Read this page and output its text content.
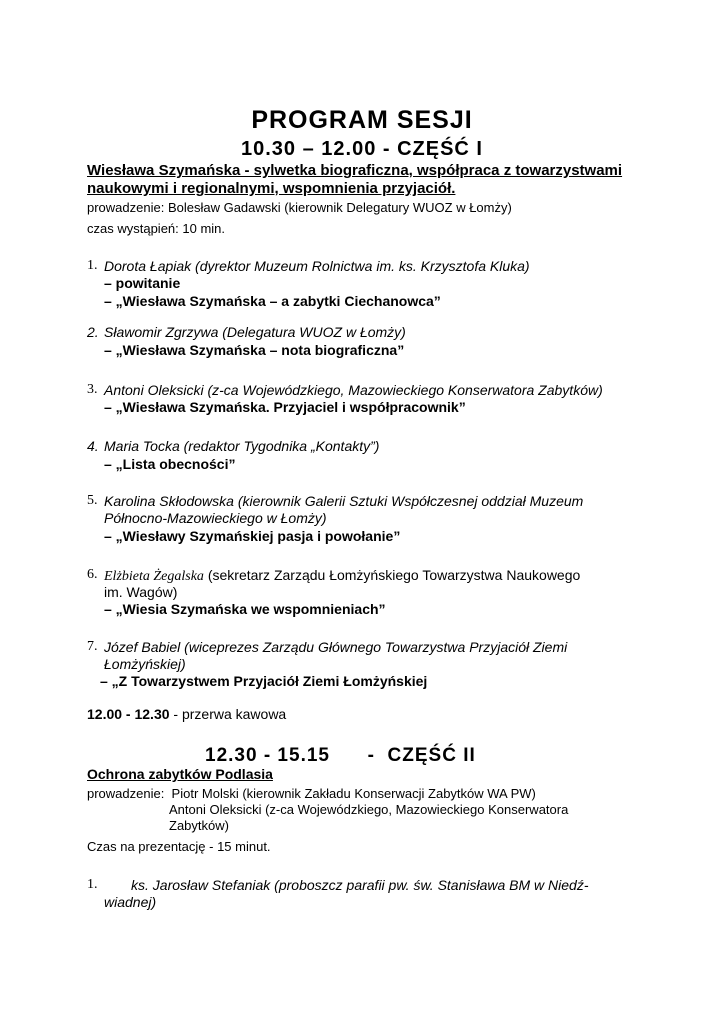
PROGRAM SESJI
10.30 – 12.00 - CZĘŚĆ I
Wiesława Szymańska - sylwetka biograficzna, współpraca z towarzystwami
naukowymi i regionalnymi, wspomnienia przyjaciół.
prowadzenie: Bolesław Gadawski (kierownik Delegatury WUOZ w Łomży)
czas wystąpień: 10 min.
1. Dorota Łapiak (dyrektor Muzeum Rolnictwa im. ks. Krzysztofa Kluka)
– powitanie
– „Wiesława Szymańska – a zabytki Ciechanowca”
2. Sławomir Zgrzywa (Delegatura WUOZ w Łomży)
– „Wiesława Szymańska – nota biograficzna”
3. Antoni Oleksicki (z-ca Wojewódzkiego, Mazowieckiego Konserwatora Zabytków)
– „Wiesława Szymańska. Przyjaciel i współpracownik”
4. Maria Tocka (redaktor Tygodnika „Kontakty”)
– „Lista obecności”
5. Karolina Skłodowska (kierownik Galerii Sztuki Współczesnej oddział Muzeum
Północno-Mazowieckiego w Łomży)
– „Wiesławy Szymańskiej pasja i powołanie”
6. Elżbieta Żegalska (sekretarz Zarządu Łomżyńskiego Towarzystwa Naukowego
im. Wagów)
– „Wiesia Szymańska we wspomnieniach”
7. Józef Babiel (wiceprezes Zarządu Głównego Towarzystwa Przyjaciół Ziemi
Łomżyńskiej)
– „Z Towarzystwem Przyjaciół Ziemi Łomżyńskiej
12.00 - 12.30 - przerwa kawowa
12.30 - 15.15      -  CZĘŚĆ II
Ochrona zabytków Podlasia
prowadzenie:  Piotr Molski (kierownik Zakładu Konserwacji Zabytków WA PW)
Antoni Oleksicki (z-ca Wojewódzkiego, Mazowieckiego Konserwatora
Zabytków)
Czas na prezentację - 15 minut.
1. ks. Jarosław Stefaniak (proboszcz parafii pw. św. Stanisława BM w Niedź-
wiadnej)
